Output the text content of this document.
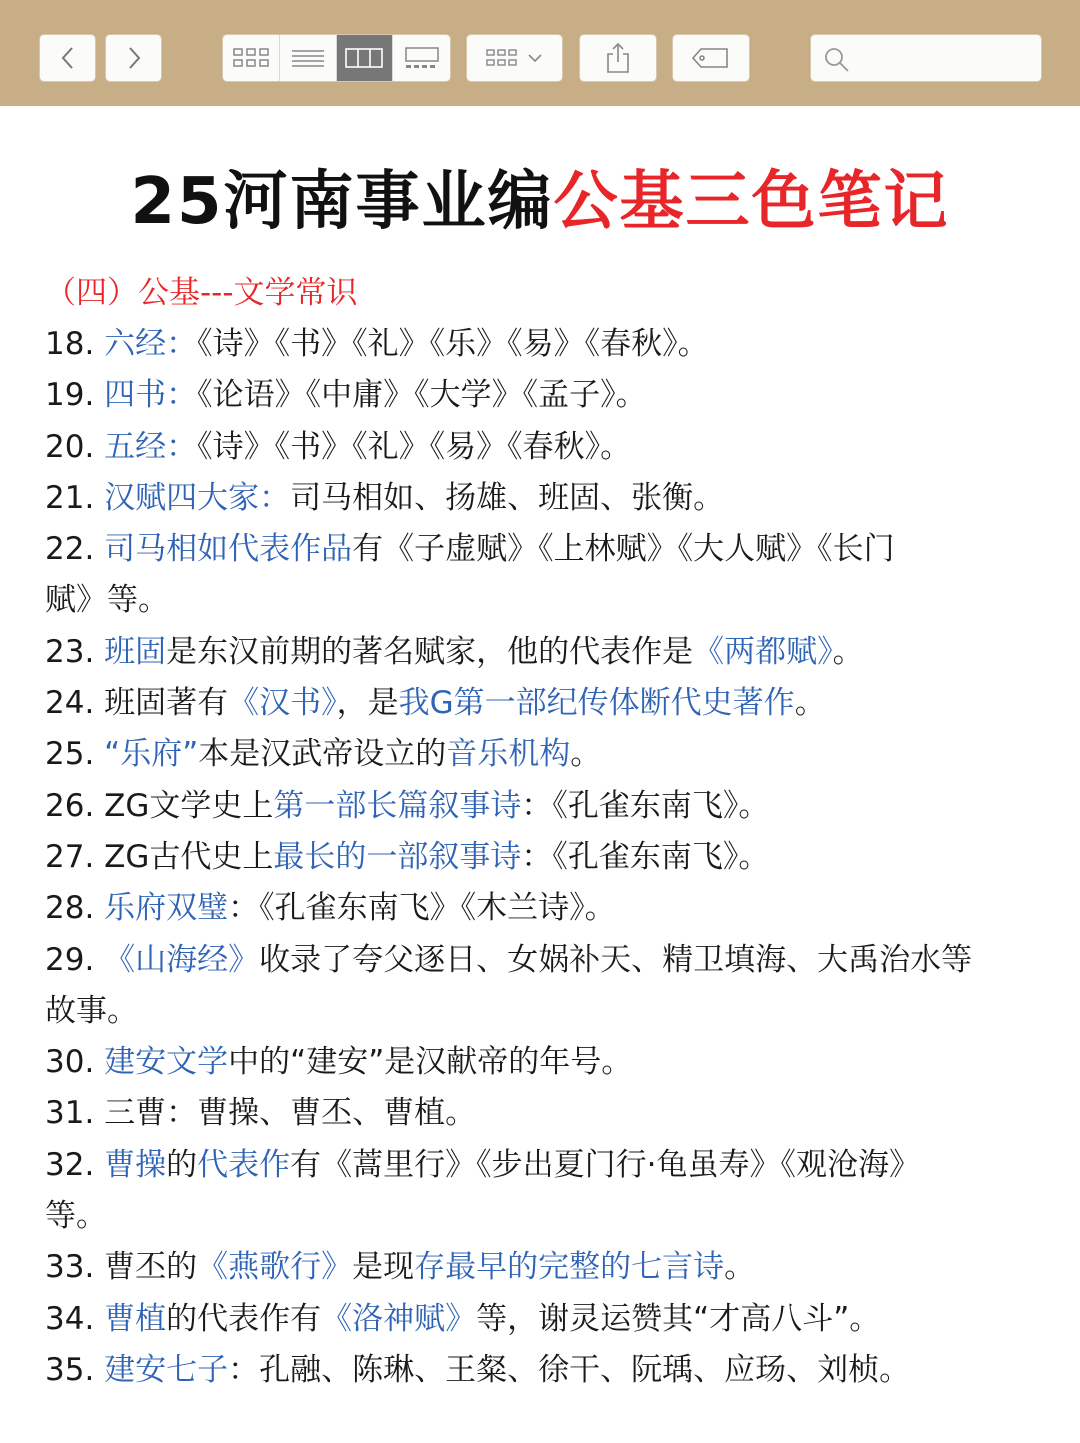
25河南事业编公基三色笔记
（四）公基---文学常识
18. 六经：《诗》《书》《礼》《乐》《易》《春秋》。
19. 四书：《论语》《中庸》《大学》《孟子》。
20. 五经：《诗》《书》《礼》《易》《春秋》。
21. 汉赋四大家：司马相如、扬雄、班固、张衡。
22. 司马相如代表作品有《子虚赋》《上林赋》《大人赋》《长门
赋》等。
23. 班固是东汉前期的著名赋家，他的代表作是《两都赋》。
24. 班固著有《汉书》，是我G第一部纪传体断代史著作。
25. “乐府”本是汉武帝设立的音乐机构。
26. ZG文学史上第一部长篇叙事诗：《孔雀东南飞》。
27. ZG古代史上最长的一部叙事诗：《孔雀东南飞》。
28. 乐府双璧：《孔雀东南飞》《木兰诗》。
29. 《山海经》收录了夸父逐日、女娲补天、精卫填海、大禹治水等
故事。
30. 建安文学中的“建安”是汉献帝的年号。
31. 三曹：曹操、曹丕、曹植。
32. 曹操的代表作有《蒿里行》《步出夏门行·龟虽寿》《观沧海》
等。
33. 曹丕的《燕歌行》是现存最早的完整的七言诗。
34. 曹植的代表作有《洛神赋》等，谢灵运赞其“才高八斗”。
35. 建安七子：孔融、陈琳、王粲、徐干、阮瑀、应玚、刘桢。
